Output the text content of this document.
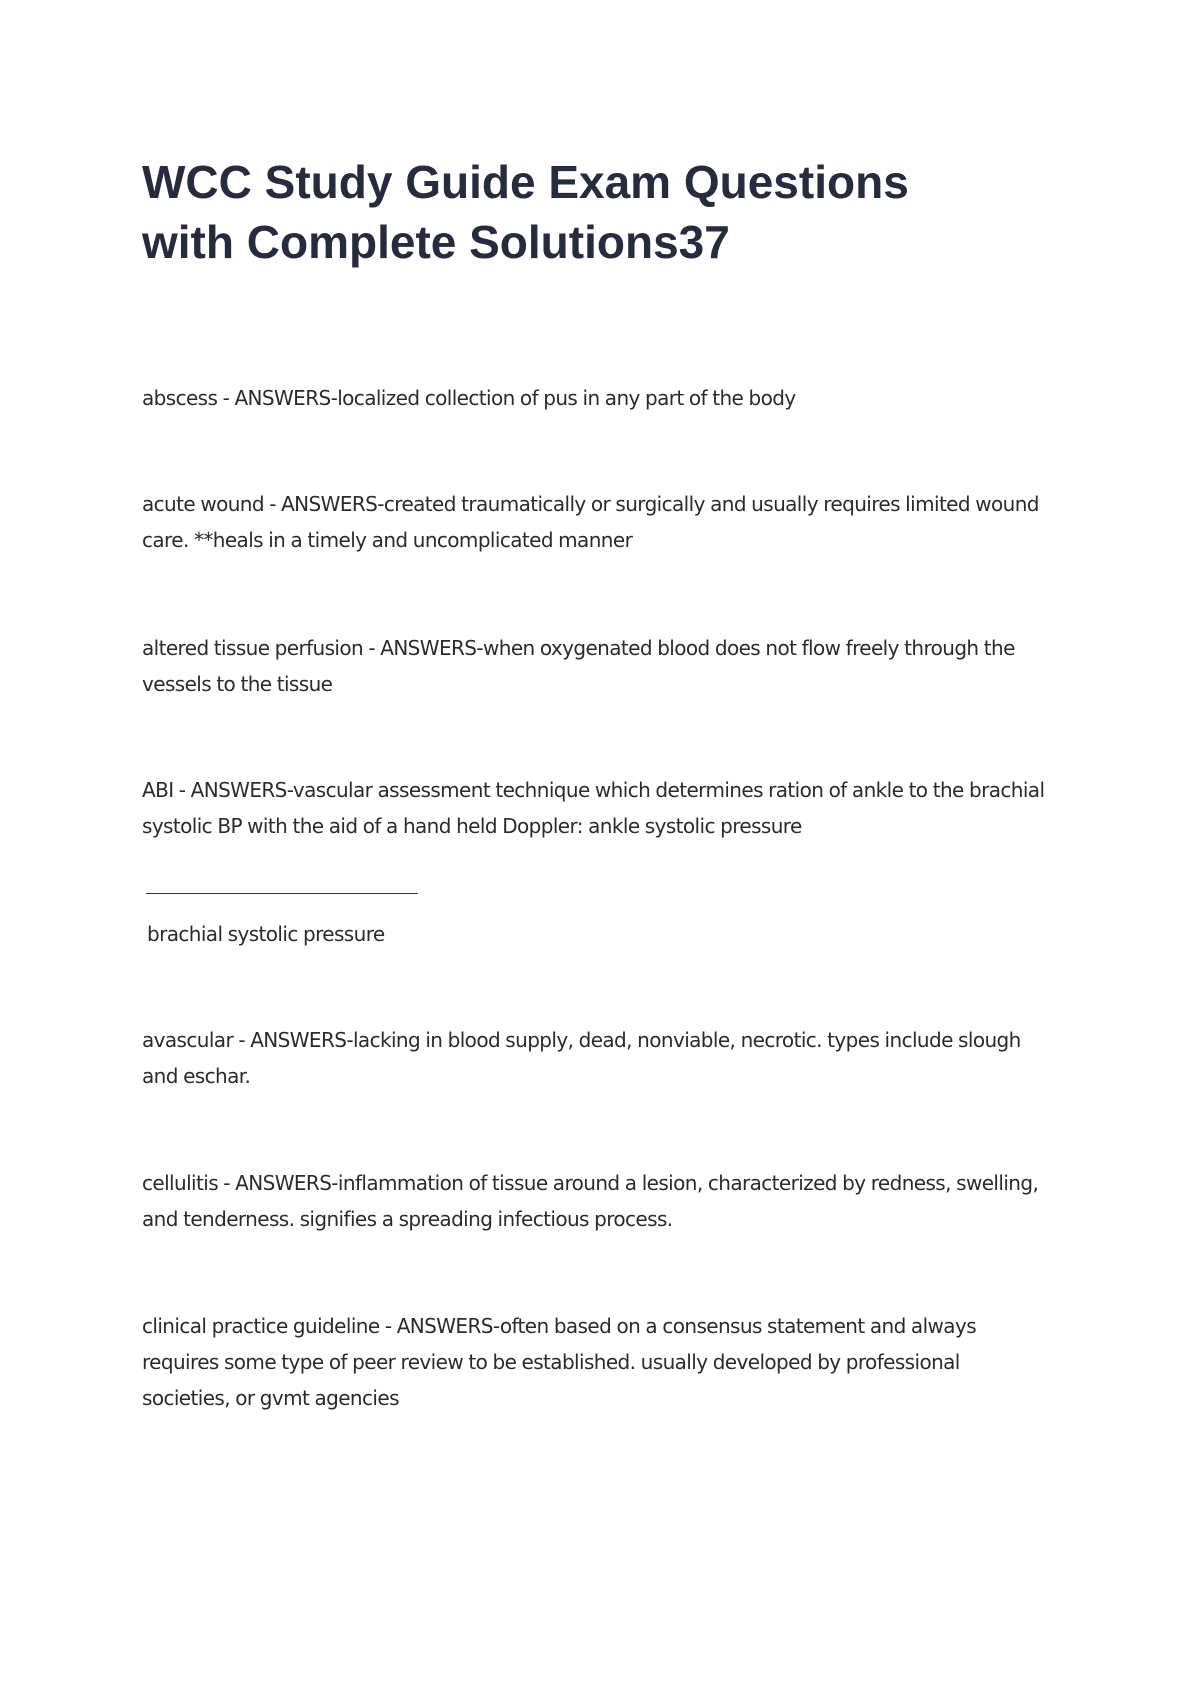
WCC Study Guide Exam Questions
with Complete Solutions37

abscess - ANSWERS-localized collection of pus in any part of the body

acute wound - ANSWERS-created traumatically or surgically and usually requires limited wound
care. **heals in a timely and uncomplicated manner

altered tissue perfusion - ANSWERS-when oxygenated blood does not flow freely through the
vessels to the tissue

ABI - ANSWERS-vascular assessment technique which determines ration of ankle to the brachial
systolic BP with the aid of a hand held Doppler: ankle systolic pressure

brachial systolic pressure

avascular - ANSWERS-lacking in blood supply, dead, nonviable, necrotic. types include slough
and eschar.

cellulitis - ANSWERS-inflammation of tissue around a lesion, characterized by redness, swelling,
and tenderness. signifies a spreading infectious process.

clinical practice guideline - ANSWERS-often based on a consensus statement and always
requires some type of peer review to be established. usually developed by professional
societies, or gvmt agencies
